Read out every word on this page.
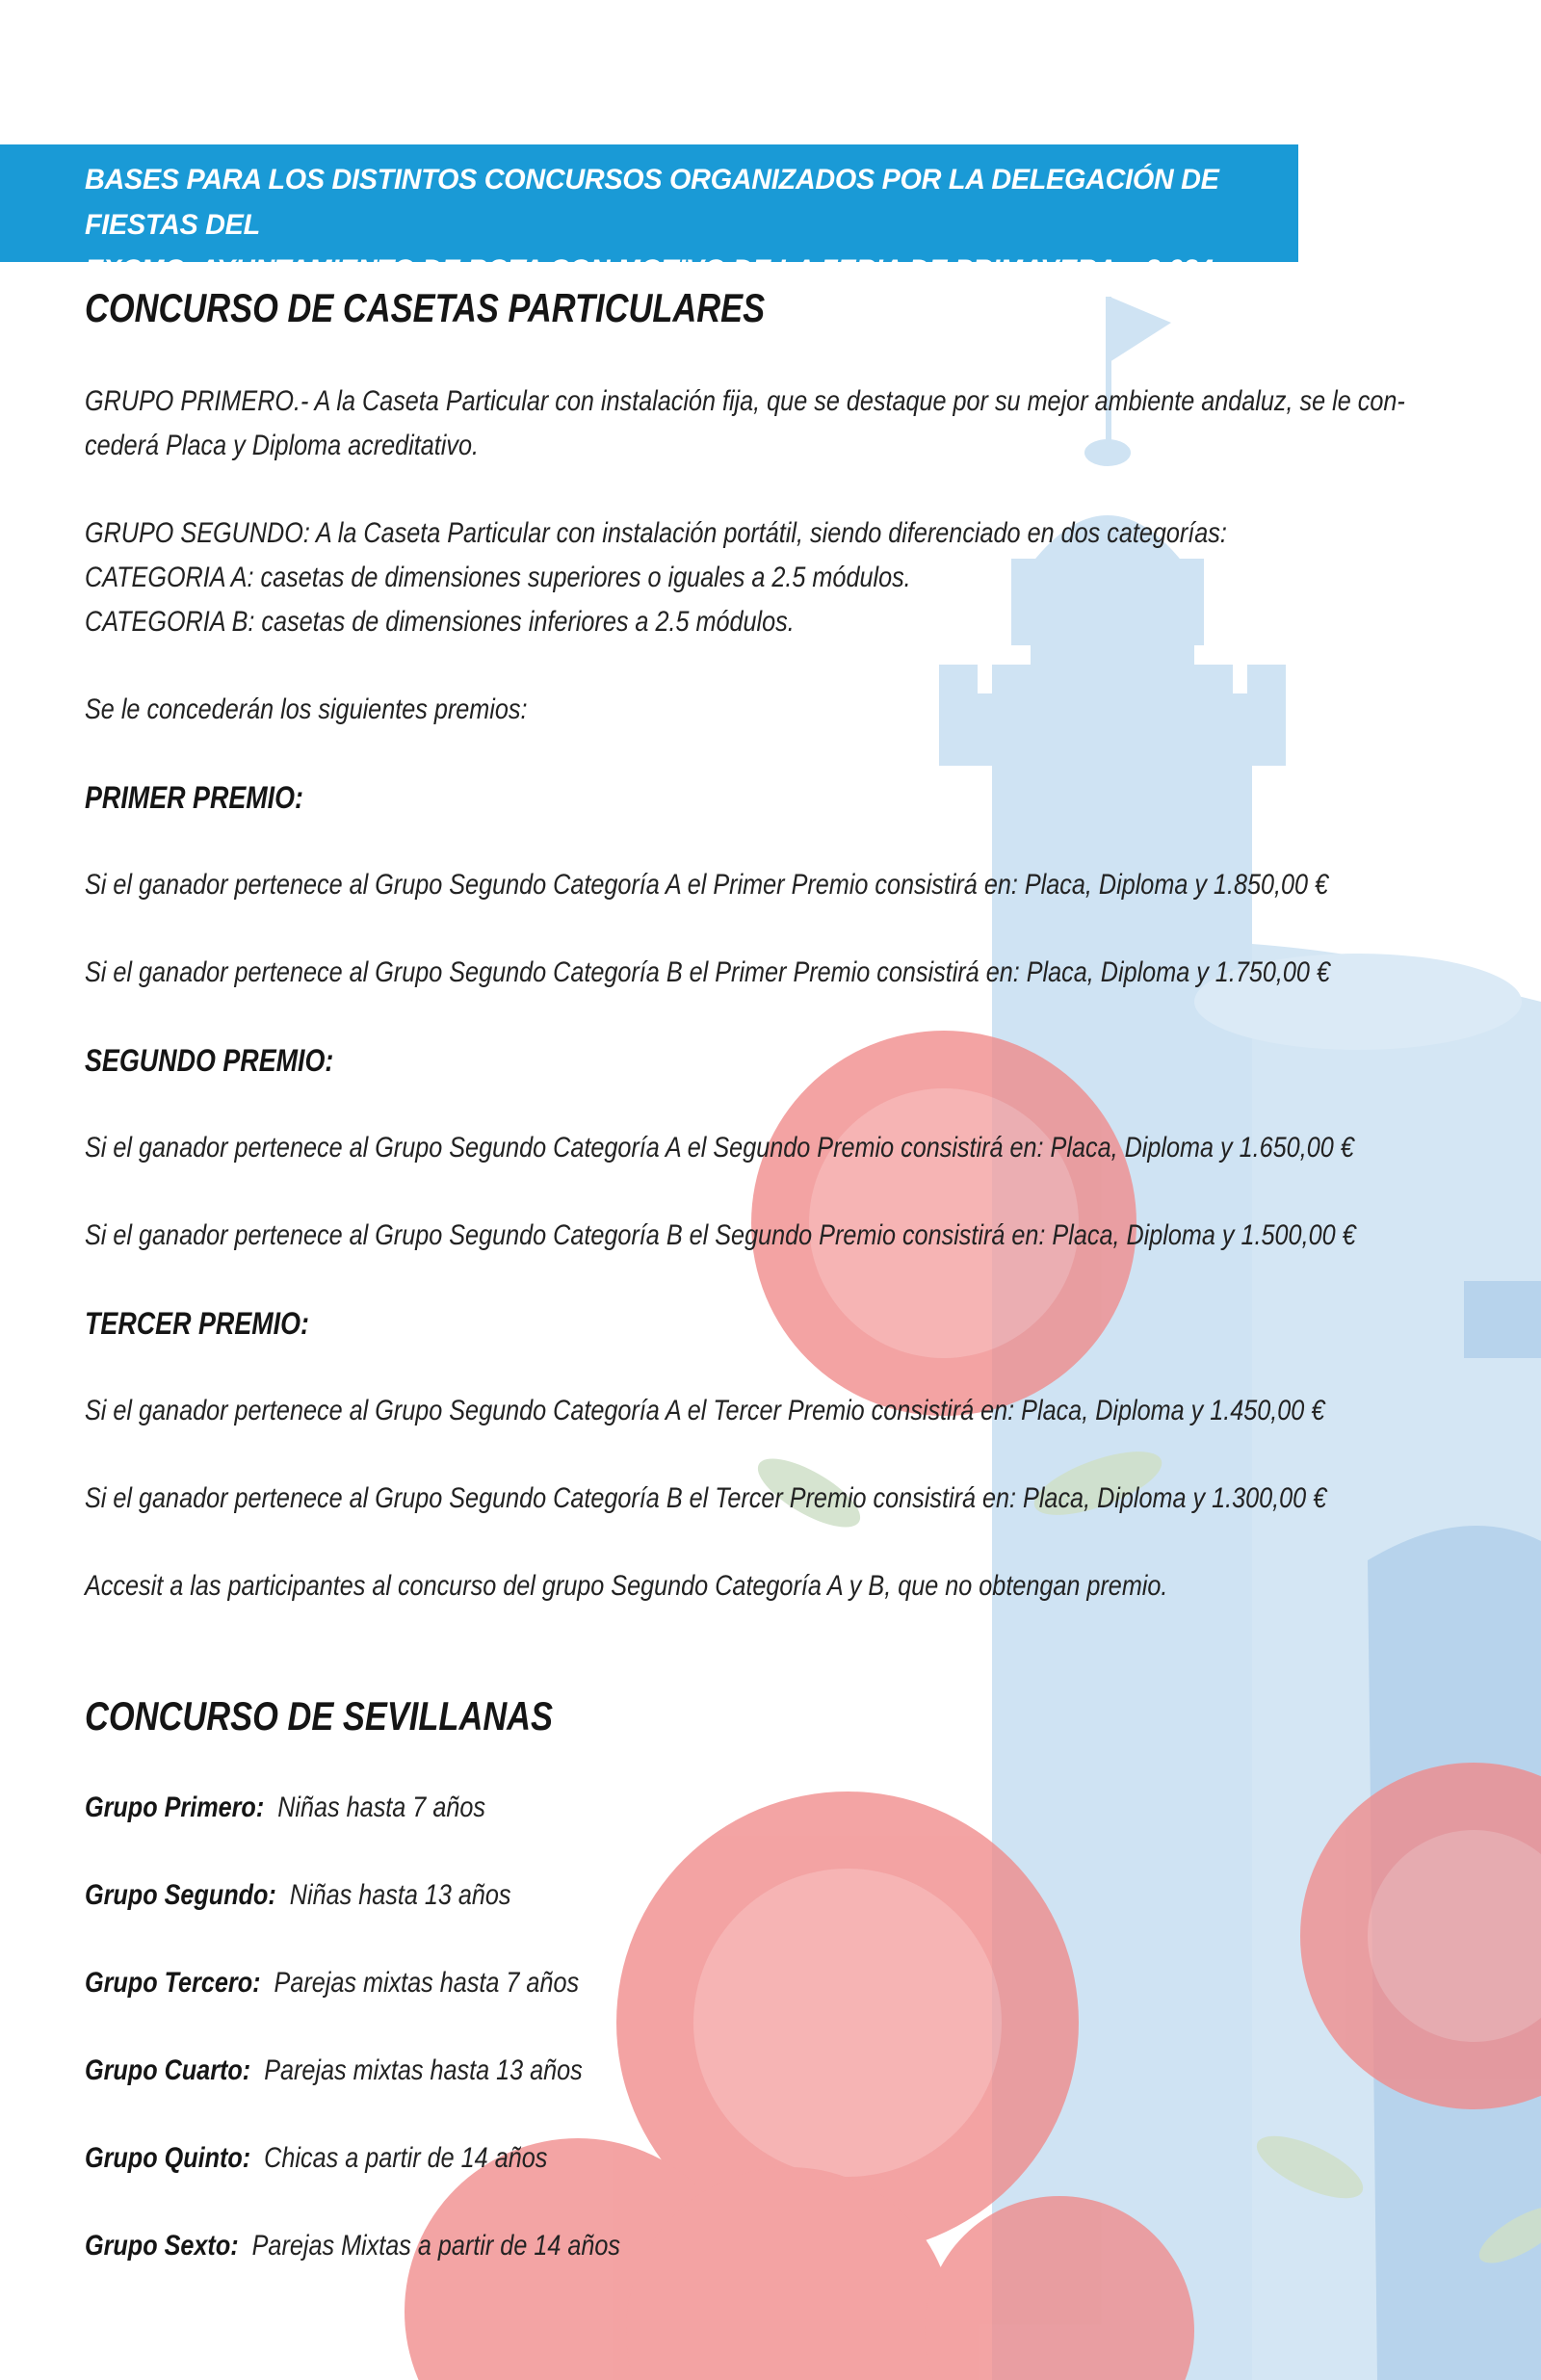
BASES PARA LOS DISTINTOS CONCURSOS ORGANIZADOS POR LA DELEGACIÓN DE FIESTAS DEL
EXCMO. AYUNTAMIENTO DE ROTA CON MOTIVO DE LA FERIA DE PRIMAVERA – 2.024
CONCURSO DE CASETAS PARTICULARES
GRUPO PRIMERO.- A la Caseta Particular con instalación fija, que se destaque por su mejor ambiente andaluz, se le con-
cederá Placa y Diploma acreditativo.
GRUPO SEGUNDO: A la Caseta Particular con instalación portátil, siendo diferenciado en dos categorías:
CATEGORIA A: casetas de dimensiones superiores o iguales a 2.5 módulos.
CATEGORIA B: casetas de dimensiones inferiores a 2.5 módulos.
Se le concederán los siguientes premios:
PRIMER PREMIO:
Si el ganador pertenece al Grupo Segundo Categoría A el Primer Premio consistirá en: Placa, Diploma y 1.850,00 €
Si el ganador pertenece al Grupo Segundo Categoría B el Primer Premio consistirá en: Placa, Diploma y 1.750,00 €
SEGUNDO PREMIO:
Si el ganador pertenece al Grupo Segundo Categoría A el Segundo Premio consistirá en: Placa, Diploma y 1.650,00 €
Si el ganador pertenece al Grupo Segundo Categoría B el Segundo Premio consistirá en: Placa, Diploma y 1.500,00 €
TERCER PREMIO:
Si el ganador pertenece al Grupo Segundo Categoría A el Tercer Premio consistirá en: Placa, Diploma y 1.450,00 €
Si el ganador pertenece al Grupo Segundo Categoría B el Tercer Premio consistirá en: Placa, Diploma y 1.300,00 €
Accesit a las participantes al concurso del grupo Segundo Categoría A y B, que no obtengan premio.
CONCURSO DE SEVILLANAS
Grupo Primero: Niñas hasta 7 años
Grupo Segundo: Niñas hasta 13 años
Grupo Tercero: Parejas mixtas hasta 7 años
Grupo Cuarto: Parejas mixtas hasta 13 años
Grupo Quinto: Chicas a partir de 14 años
Grupo Sexto: Parejas Mixtas a partir de 14 años
